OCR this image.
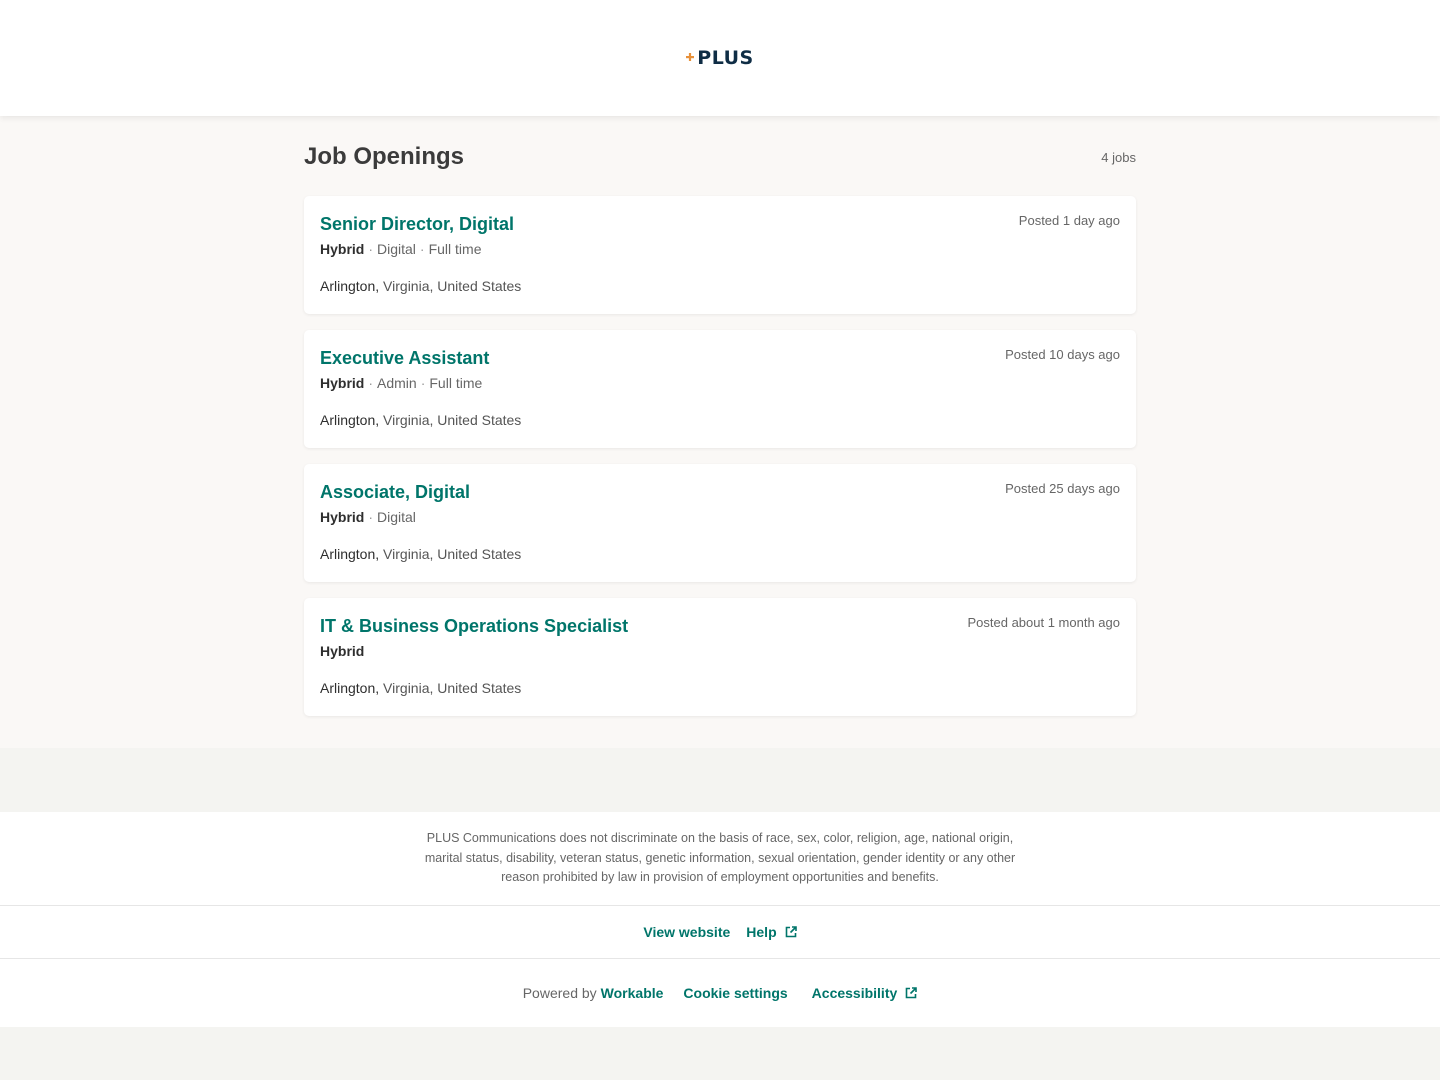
PLUS
Job Openings	4 jobs
Senior Director, Digital	Posted 1 day ago
Hybrid · Digital · Full time
Arlington, Virginia, United States
Executive Assistant	Posted 10 days ago
Hybrid · Admin · Full time
Arlington, Virginia, United States
Associate, Digital	Posted 25 days ago
Hybrid · Digital
Arlington, Virginia, United States
IT & Business Operations Specialist	Posted about 1 month ago
Hybrid
Arlington, Virginia, United States
PLUS Communications does not discriminate on the basis of race, sex, color, religion, age, national origin, marital status, disability, veteran status, genetic information, sexual orientation, gender identity or any other reason prohibited by law in provision of employment opportunities and benefits.
View website Help
Powered by Workable Cookie settings Accessibility
